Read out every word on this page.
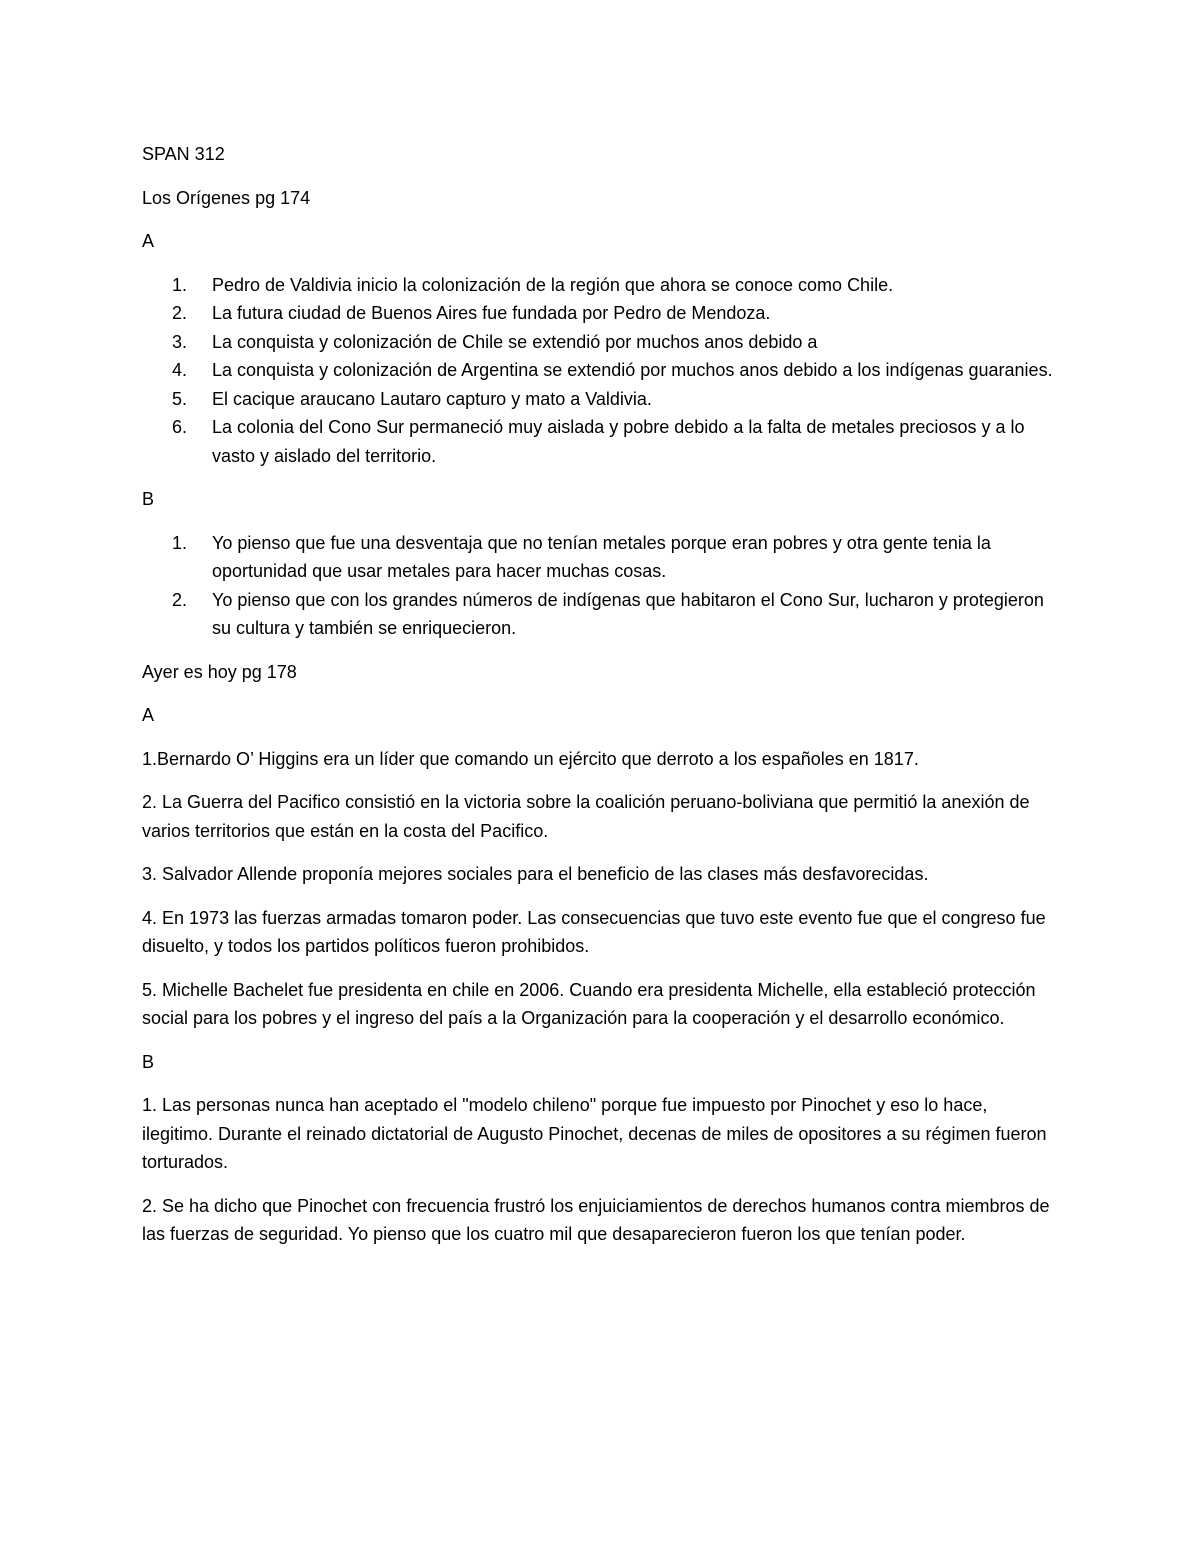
SPAN 312

Los Orígenes pg 174

A

1.	Pedro de Valdivia inicio la colonización de la región que ahora se conoce como Chile.
2.	La futura ciudad de Buenos Aires fue fundada por Pedro de Mendoza.
3.	La conquista y colonización de Chile se extendió por muchos anos debido a
4.	La conquista y colonización de Argentina se extendió por muchos anos debido a los indígenas guaranies.
5.	El cacique araucano Lautaro capturo y mato a Valdivia.
6.	La colonia del Cono Sur permaneció muy aislada y pobre debido a la falta de metales preciosos y a lo vasto y aislado del territorio.

B

1.	Yo pienso que fue una desventaja que no tenían metales porque eran pobres y otra gente tenia la oportunidad que usar metales para hacer muchas cosas.
2.	Yo pienso que con los grandes números de indígenas que habitaron el Cono Sur, lucharon y protegieron su cultura y también se enriquecieron.

Ayer es hoy pg 178

A

1.Bernardo O’ Higgins era un líder que comando un ejército que derroto a los españoles en 1817.

2. La Guerra del Pacifico consistió en la victoria sobre la coalición peruano-boliviana que permitió la anexión de varios territorios que están en la costa del Pacifico.

3. Salvador Allende proponía mejores sociales para el beneficio de las clases más desfavorecidas.

4. En 1973 las fuerzas armadas tomaron poder. Las consecuencias que tuvo este evento fue que el congreso fue disuelto, y todos los partidos políticos fueron prohibidos.

5. Michelle Bachelet fue presidenta en chile en 2006. Cuando era presidenta Michelle, ella estableció protección social para los pobres y el ingreso del país a la Organización para la cooperación y el desarrollo económico.

B

1. Las personas nunca han aceptado el "modelo chileno" porque fue impuesto por Pinochet y eso lo hace, ilegitimo. Durante el reinado dictatorial de Augusto Pinochet, decenas de miles de opositores a su régimen fueron torturados.

2. Se ha dicho que Pinochet con frecuencia frustró los enjuiciamientos de derechos humanos contra miembros de las fuerzas de seguridad. Yo pienso que los cuatro mil que desaparecieron fueron los que tenían poder.
